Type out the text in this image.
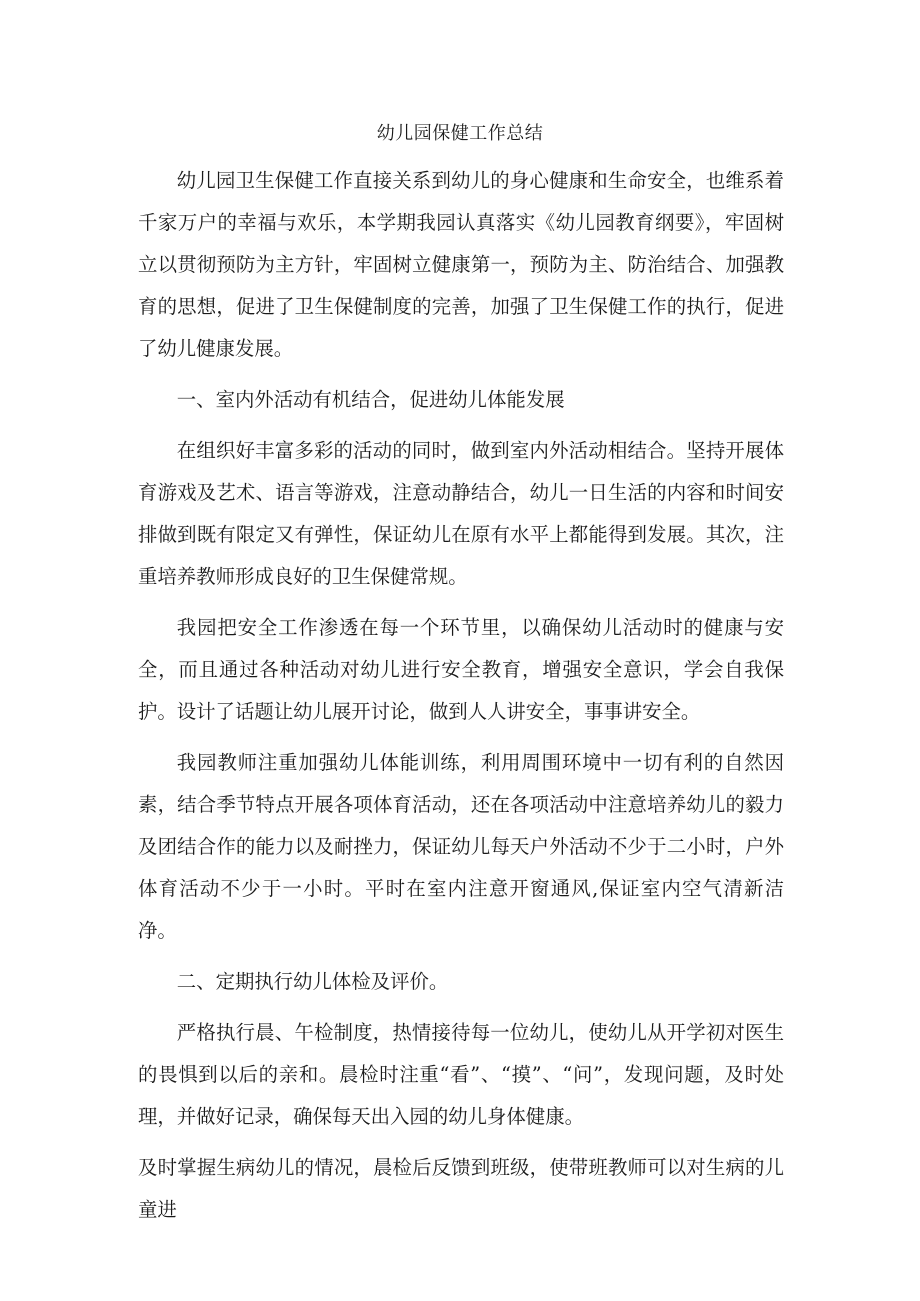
幼儿园保健工作总结

幼儿园卫生保健工作直接关系到幼儿的身心健康和生命安全，也维系着千家万户的幸福与欢乐，本学期我园认真落实《幼儿园教育纲要》，牢固树立以贯彻预防为主方针，牢固树立健康第一，预防为主、防治结合、加强教育的思想，促进了卫生保健制度的完善，加强了卫生保健工作的执行，促进了幼儿健康发展。

一、室内外活动有机结合，促进幼儿体能发展

在组织好丰富多彩的活动的同时，做到室内外活动相结合。坚持开展体育游戏及艺术、语言等游戏，注意动静结合，幼儿一日生活的内容和时间安排做到既有限定又有弹性，保证幼儿在原有水平上都能得到发展。其次，注重培养教师形成良好的卫生保健常规。

我园把安全工作渗透在每一个环节里，以确保幼儿活动时的健康与安全，而且通过各种活动对幼儿进行安全教育，增强安全意识，学会自我保护。设计了话题让幼儿展开讨论，做到人人讲安全，事事讲安全。

我园教师注重加强幼儿体能训练，利用周围环境中一切有利的自然因素，结合季节特点开展各项体育活动，还在各项活动中注意培养幼儿的毅力及团结合作的能力以及耐挫力，保证幼儿每天户外活动不少于二小时，户外体育活动不少于一小时。平时在室内注意开窗通风,保证室内空气清新洁净。

二、定期执行幼儿体检及评价。

严格执行晨、午检制度，热情接待每一位幼儿，使幼儿从开学初对医生的畏惧到以后的亲和。晨检时注重“看”、“摸”、“问”，发现问题，及时处理，并做好记录，确保每天出入园的幼儿身体健康。

及时掌握生病幼儿的情况，晨检后反馈到班级，使带班教师可以对生病的儿童进
